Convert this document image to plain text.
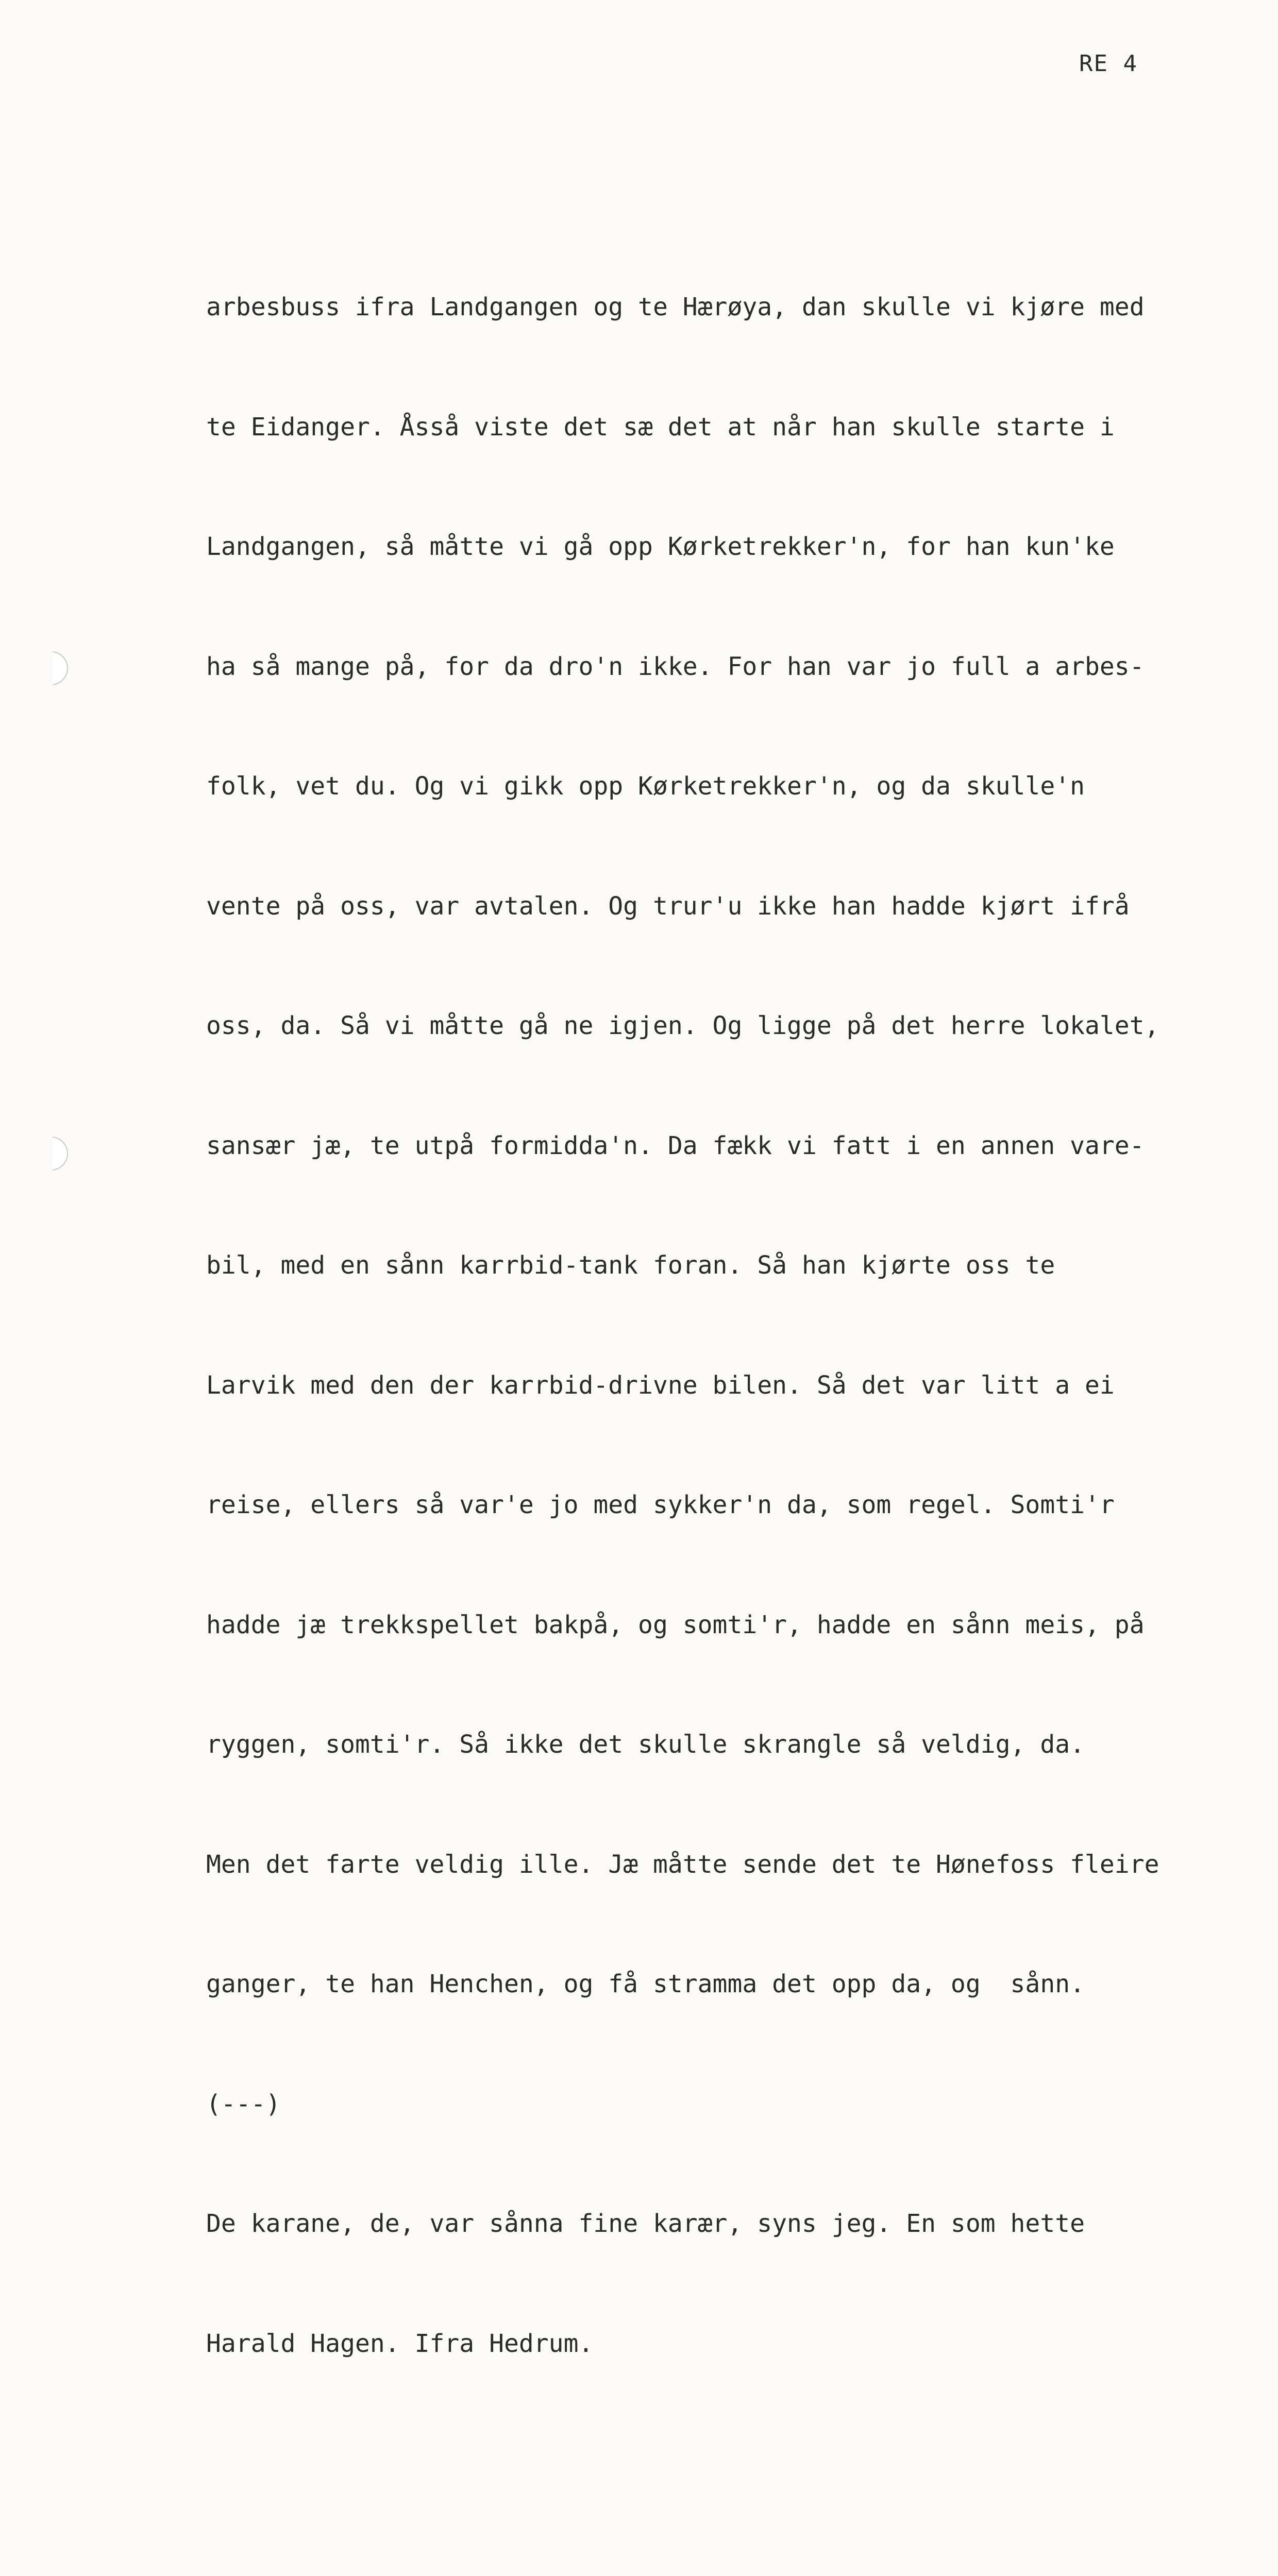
RE 4

arbesbuss ifra Landgangen og te Hærøya, dan skulle vi kjøre med

te Eidanger. Åsså viste det sæ det at når han skulle starte i

Landgangen, så måtte vi gå opp Kørketrekker'n, for han kun'ke

ha så mange på, for da dro'n ikke. For han var jo full a arbes-

folk, vet du. Og vi gikk opp Kørketrekker'n, og da skulle'n

vente på oss, var avtalen. Og trur'u ikke han hadde kjørt ifrå

oss, da. Så vi måtte gå ne igjen. Og ligge på det herre lokalet,

sansær jæ, te utpå formidda'n. Da fækk vi fatt i en annen vare-

bil, med en sånn karrbid-tank foran. Så han kjørte oss te

Larvik med den der karrbid-drivne bilen. Så det var litt a ei

reise, ellers så var'e jo med sykker'n da, som regel. Somti'r

hadde jæ trekkspellet bakpå, og somti'r, hadde en sånn meis, på

ryggen, somti'r. Så ikke det skulle skrangle så veldig, da.

Men det farte veldig ille. Jæ måtte sende det te Hønefoss fleire

ganger, te han Henchen, og få stramma det opp da, og  sånn.

(---)

De karane, de, var sånna fine karær, syns jeg. En som hette

Harald Hagen. Ifra Hedrum.
